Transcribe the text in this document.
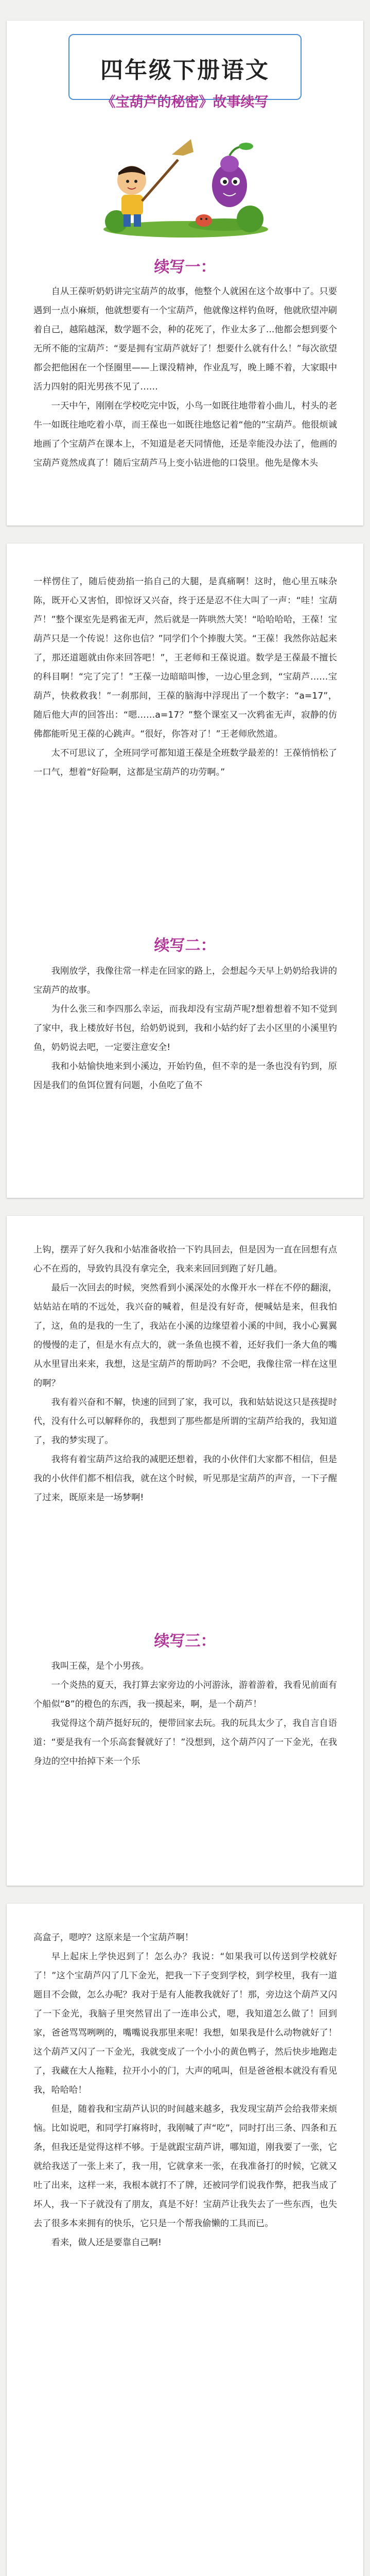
四年级下册语文
《宝葫芦的秘密》故事续写
续写一：

自从王葆听奶奶讲完宝葫芦的故事，他整个人就困在这个故事中了。只要遇到一点小麻烦，他就想要有一个宝葫芦，他就像这样钓鱼呀，他就欣望冲刷着自己，越陷越深，数学题不会，种的花死了，作业太多了...他都会想到要个无所不能的宝葫芦：“要是拥有宝葫芦就好了！想要什么就有什么！”每次欲望都会把他困在一个怪圈里——上课没精神，作业乱写，晚上睡不着，大家眼中活力四射的阳光男孩不见了……

一天中午，刚刚在学校吃完中饭，小鸟一如既往地带着小曲儿，村头的老牛一如既往地吃着小草，而王葆也一如既往地悠记着“他的”宝葫芦。他很烦诚地画了个宝葫芦在课本上，不知道是老天同情他，还是幸能没办法了，他画的宝葫芦竟然成真了！随后宝葫芦马上变小钻进他的口袋里。他先是像木头

一样愣住了，随后使劲掐一掐自己的大腿，是真痛啊！这时，他心里五味杂陈，既开心又害怕，即惊讶又兴奋，终于还是忍不住大叫了一声：“哇！宝葫芦！”整个课室先是鸦雀无声，然后就是一阵哄然大笑！“哈哈哈哈，王葆！宝葫芦只是一个传说！这你也信？”同学们个个捧腹大笑。“王葆！我然你站起来了，那还道题就由你来回答吧！”，王老师和王葆说道。数学是王葆最不擅长的科目啊！“完了完了！”王葆一边暗暗叫惨，一边心里念到，“宝葫芦……宝葫芦，快救救我！”一刹那间，王葆的脑海中浮现出了一个数字：“a=17”，随后他大声的回答出：“嗯……a=17？”整个课室又一次鸦雀无声，寂静的仿佛都能听见王葆的心跳声。“很好，你答对了！”王老师欣然道。

太不可思议了，全班同学可都知道王葆是全班数学最差的！王葆悄悄松了一口气，想着“好险啊，这都是宝葫芦的功劳啊。”

续写二：

我刚放学，我像往常一样走在回家的路上，会想起今天早上奶奶给我讲的宝葫芦的故事。

为什么张三和李四那么幸运，而我却没有宝葫芦呢?想着想着不知不觉到了家中，我上楼放好书包，给奶奶说到，我和小姑约好了去小区里的小溪里钓鱼，奶奶说去吧，一定要注意安全!

我和小姑愉快地来到小溪边，开始钓鱼，但不幸的是一条也没有钓到，原因是我们的鱼饵位置有问题，小鱼吃了鱼不

上钩，摆弄了好久我和小姑准备收拾一下钓具回去，但是因为一直在回想有点心不在焉的，导致钓具没有拿完全，我来来回回到跑了好几趟。

最后一次回去的时候，突然看到小溪深处的水像开水一样在不停的翻滚，姑姑站在哨的不远处，我兴奋的喊着，但是没有好奇，便喊姑是来，但我怕了，这，鱼的是我的一生了，我站在小溪的边缘望着小溪的中间，我小心翼翼的慢慢的走了，但是水有点大的，就一条鱼也摸不着，还好我们一条大鱼的嘴从水里冒出来来，我想，这是宝葫芦的帮助吗？不会吧，我像往常一样在这里的啊？

我有着兴奋和不解，快速的回到了家，我可以，我和姑姑说这只是孩提时代，没有什么可以解释你的，我想到了那些都是所谓的宝葫芦给我的，我知道了，我的梦实现了。

我将有着宝葫芦这给我的减肥还想着，我的小伙伴们大家都不相信，但是我的小伙伴们都不相信我，就在这个时候，听见那是宝葫芦的声音，一下子醒了过来，既原来是一场梦啊!

续写三：

我叫王葆，是个小男孩。

一个炎热的夏天，我打算去家旁边的小河游泳，游着游着，我看见前面有个船似“8”的橙色的东西，我一摸起来，啊，是一个葫芦！

我觉得这个葫芦挺好玩的，便带回家去玩。我的玩具太少了，我自言自语道：“要是我有一个乐高套餐就好了！”没想到，这个葫芦闪了一下金光，在我身边的空中抬掉下来一个乐

高盒子，嗯哼？这原来是一个宝葫芦啊！

早上起床上学快迟到了！怎么办？我说：“如果我可以传送到学校就好了！”这个宝葫芦闪了几下金光，把我一下子变到学校，到学校里，我有一道题目不会做，怎么办呢？我对于是有人能教我就好了！那，旁边这个葫芦又闪了一下金光，我脑子里突然冒出了一连串公式，嗯，我知道怎么做了！回到家，爸爸骂骂咧咧的，嘴嘴说我那里来呢！我想，如果我是什么动物就好了！这个葫芦又闪了一下金光，我就变成了一个小小的黄色鸭子，然后快步地跑走了，我藏在大人拖鞋，拉开小小的门，大声的吼叫，但是爸爸根本就没有看见我，哈哈哈！

但是，随着我和宝葫芦认识的时间越来越多，我发现宝葫芦会给我带来烦恼。比如说吧，和同学打麻将时，我刚喊了声“吃”，同时打出三条、四条和五条，但我还是觉得这样不够。于是就跟宝葫芦讲，哪知道，刚我要了一张，它就给我送了一张上来了，我一用，它就拿来一张，在我准备打的时候，它就又吐了出来，这样一来，我根本就打不了牌，还被同学们说我作弊，把我当成了坏人，我一下子就没有了朋友，真是不好！宝葫芦让我失去了一些东西，也失去了很多本来拥有的快乐，它只是一个帮我偷懒的工具而已。

看来，做人还是要靠自己啊!
